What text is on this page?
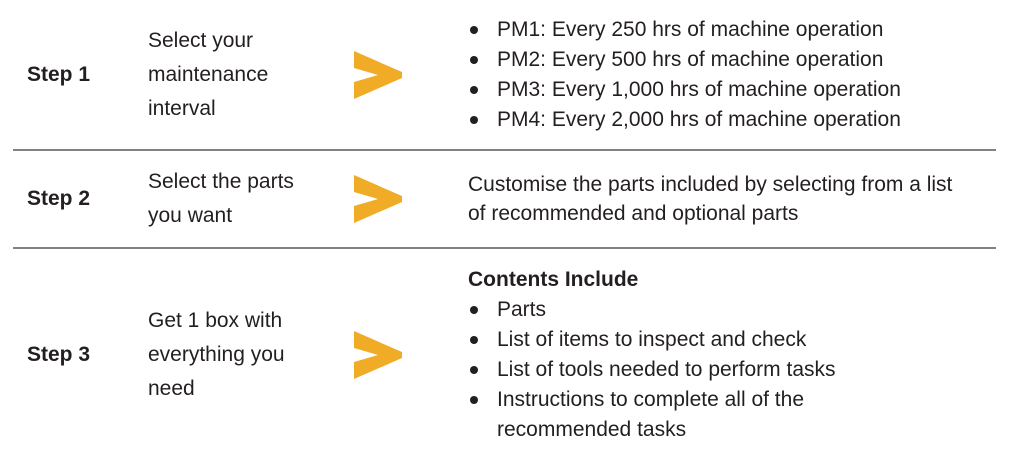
Step 1
Select your maintenance interval
PM1: Every 250 hrs of machine operation
PM2: Every 500 hrs of machine operation
PM3: Every 1,000 hrs of machine operation
PM4: Every 2,000 hrs of machine operation
Step 2
Select the parts you want

Customise the parts included by selecting from a list of recommended and optional parts

Step 3
Get 1 box with everything you need
Contents Include
Parts
List of items to inspect and check
List of tools needed to perform tasks
Instructions to complete all of the recommended tasks
